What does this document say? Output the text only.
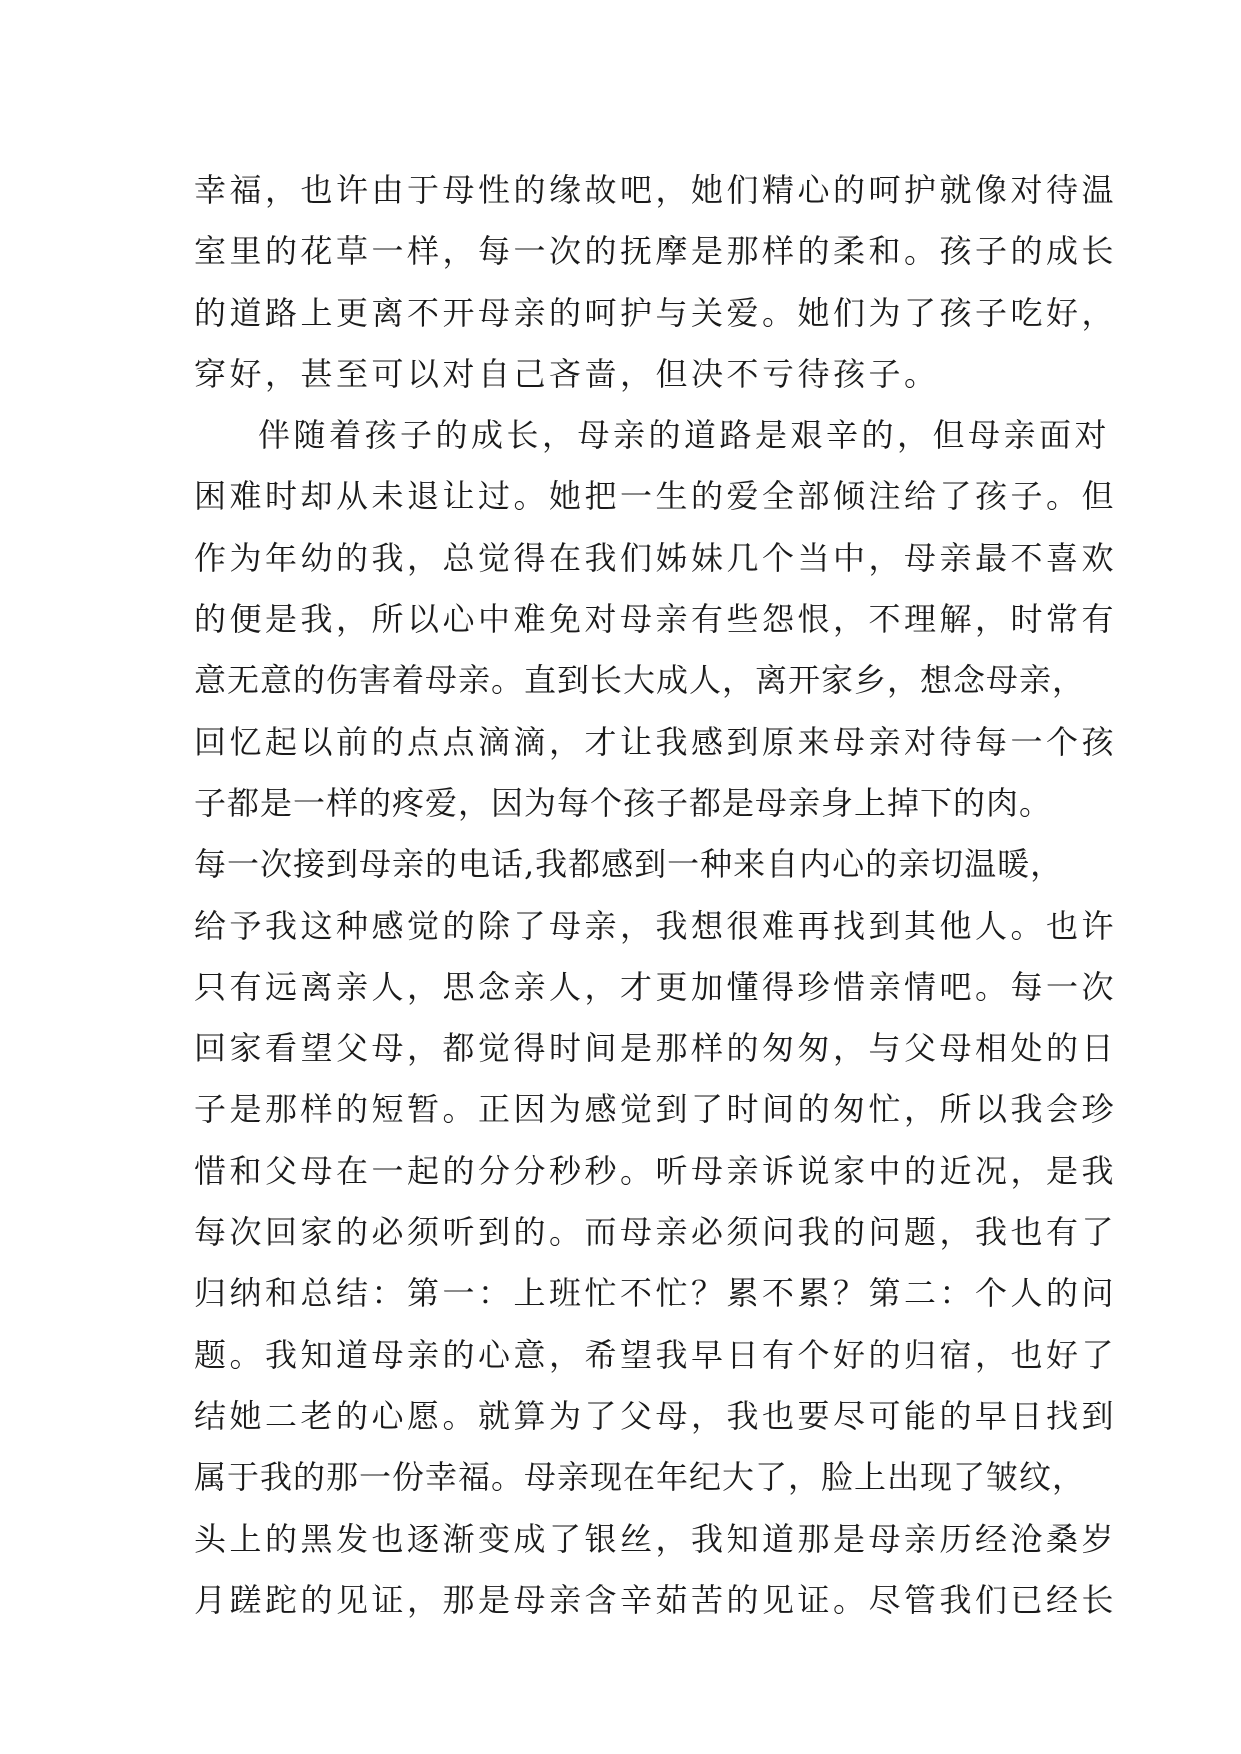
幸福，也许由于母性的缘故吧，她们精心的呵护就像对待温
室里的花草一样，每一次的抚摩是那样的柔和。孩子的成长
的道路上更离不开母亲的呵护与关爱。她们为了孩子吃好，
穿好，甚至可以对自己吝啬，但决不亏待孩子。
伴随着孩子的成长，母亲的道路是艰辛的，但母亲面对
困难时却从未退让过。她把一生的爱全部倾注给了孩子。但
作为年幼的我，总觉得在我们姊妹几个当中，母亲最不喜欢
的便是我，所以心中难免对母亲有些怨恨，不理解，时常有
意无意的伤害着母亲。直到长大成人，离开家乡，想念母亲，
回忆起以前的点点滴滴，才让我感到原来母亲对待每一个孩
子都是一样的疼爱，因为每个孩子都是母亲身上掉下的肉。
每一次接到母亲的电话,我都感到一种来自内心的亲切温暖，
给予我这种感觉的除了母亲，我想很难再找到其他人。也许
只有远离亲人，思念亲人，才更加懂得珍惜亲情吧。每一次
回家看望父母，都觉得时间是那样的匆匆，与父母相处的日
子是那样的短暂。正因为感觉到了时间的匆忙，所以我会珍
惜和父母在一起的分分秒秒。听母亲诉说家中的近况，是我
每次回家的必须听到的。而母亲必须问我的问题，我也有了
归纳和总结：第一：上班忙不忙？累不累？第二：个人的问
题。我知道母亲的心意，希望我早日有个好的归宿，也好了
结她二老的心愿。就算为了父母，我也要尽可能的早日找到
属于我的那一份幸福。母亲现在年纪大了，脸上出现了皱纹，
头上的黑发也逐渐变成了银丝，我知道那是母亲历经沧桑岁
月蹉跎的见证，那是母亲含辛茹苦的见证。尽管我们已经长
